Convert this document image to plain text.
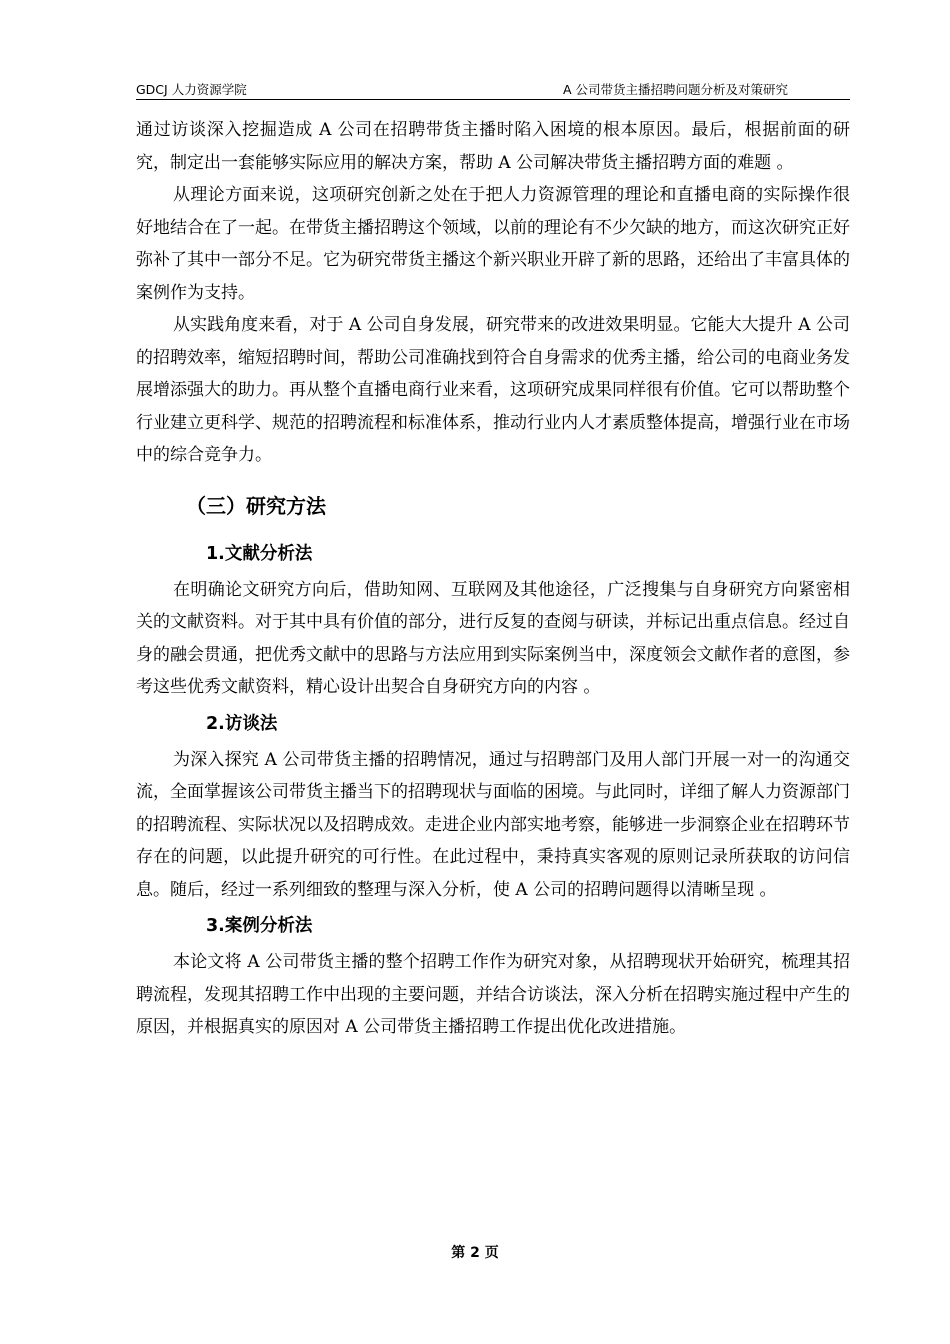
GDCJ 人力资源学院	A 公司带货主播招聘问题分析及对策研究

通过访谈深入挖掘造成 A 公司在招聘带货主播时陷入困境的根本原因。最后，根据前面的研究，制定出一套能够实际应用的解决方案，帮助 A 公司解决带货主播招聘方面的难题 。

从理论方面来说，这项研究创新之处在于把人力资源管理的理论和直播电商的实际操作很好地结合在了一起。在带货主播招聘这个领域，以前的理论有不少欠缺的地方，而这次研究正好弥补了其中一部分不足。它为研究带货主播这个新兴职业开辟了新的思路，还给出了丰富具体的案例作为支持。

从实践角度来看，对于 A 公司自身发展，研究带来的改进效果明显。它能大大提升 A 公司的招聘效率，缩短招聘时间，帮助公司准确找到符合自身需求的优秀主播，给公司的电商业务发展增添强大的助力。再从整个直播电商行业来看，这项研究成果同样很有价值。它可以帮助整个行业建立更科学、规范的招聘流程和标准体系，推动行业内人才素质整体提高，增强行业在市场中的综合竞争力。

（三）研究方法
1.文献分析法

在明确论文研究方向后，借助知网、互联网及其他途径，广泛搜集与自身研究方向紧密相关的文献资料。对于其中具有价值的部分，进行反复的查阅与研读，并标记出重点信息。经过自身的融会贯通，把优秀文献中的思路与方法应用到实际案例当中，深度领会文献作者的意图，参考这些优秀文献资料，精心设计出契合自身研究方向的内容 。

2.访谈法

为深入探究 A 公司带货主播的招聘情况，通过与招聘部门及用人部门开展一对一的沟通交流，全面掌握该公司带货主播当下的招聘现状与面临的困境。与此同时，详细了解人力资源部门的招聘流程、实际状况以及招聘成效。走进企业内部实地考察，能够进一步洞察企业在招聘环节存在的问题，以此提升研究的可行性。在此过程中，秉持真实客观的原则记录所获取的访问信息。随后，经过一系列细致的整理与深入分析，使 A 公司的招聘问题得以清晰呈现 。

3.案例分析法

本论文将 A 公司带货主播的整个招聘工作作为研究对象，从招聘现状开始研究，梳理其招聘流程，发现其招聘工作中出现的主要问题，并结合访谈法，深入分析在招聘实施过程中产生的原因，并根据真实的原因对 A 公司带货主播招聘工作提出优化改进措施。

第 2 页
